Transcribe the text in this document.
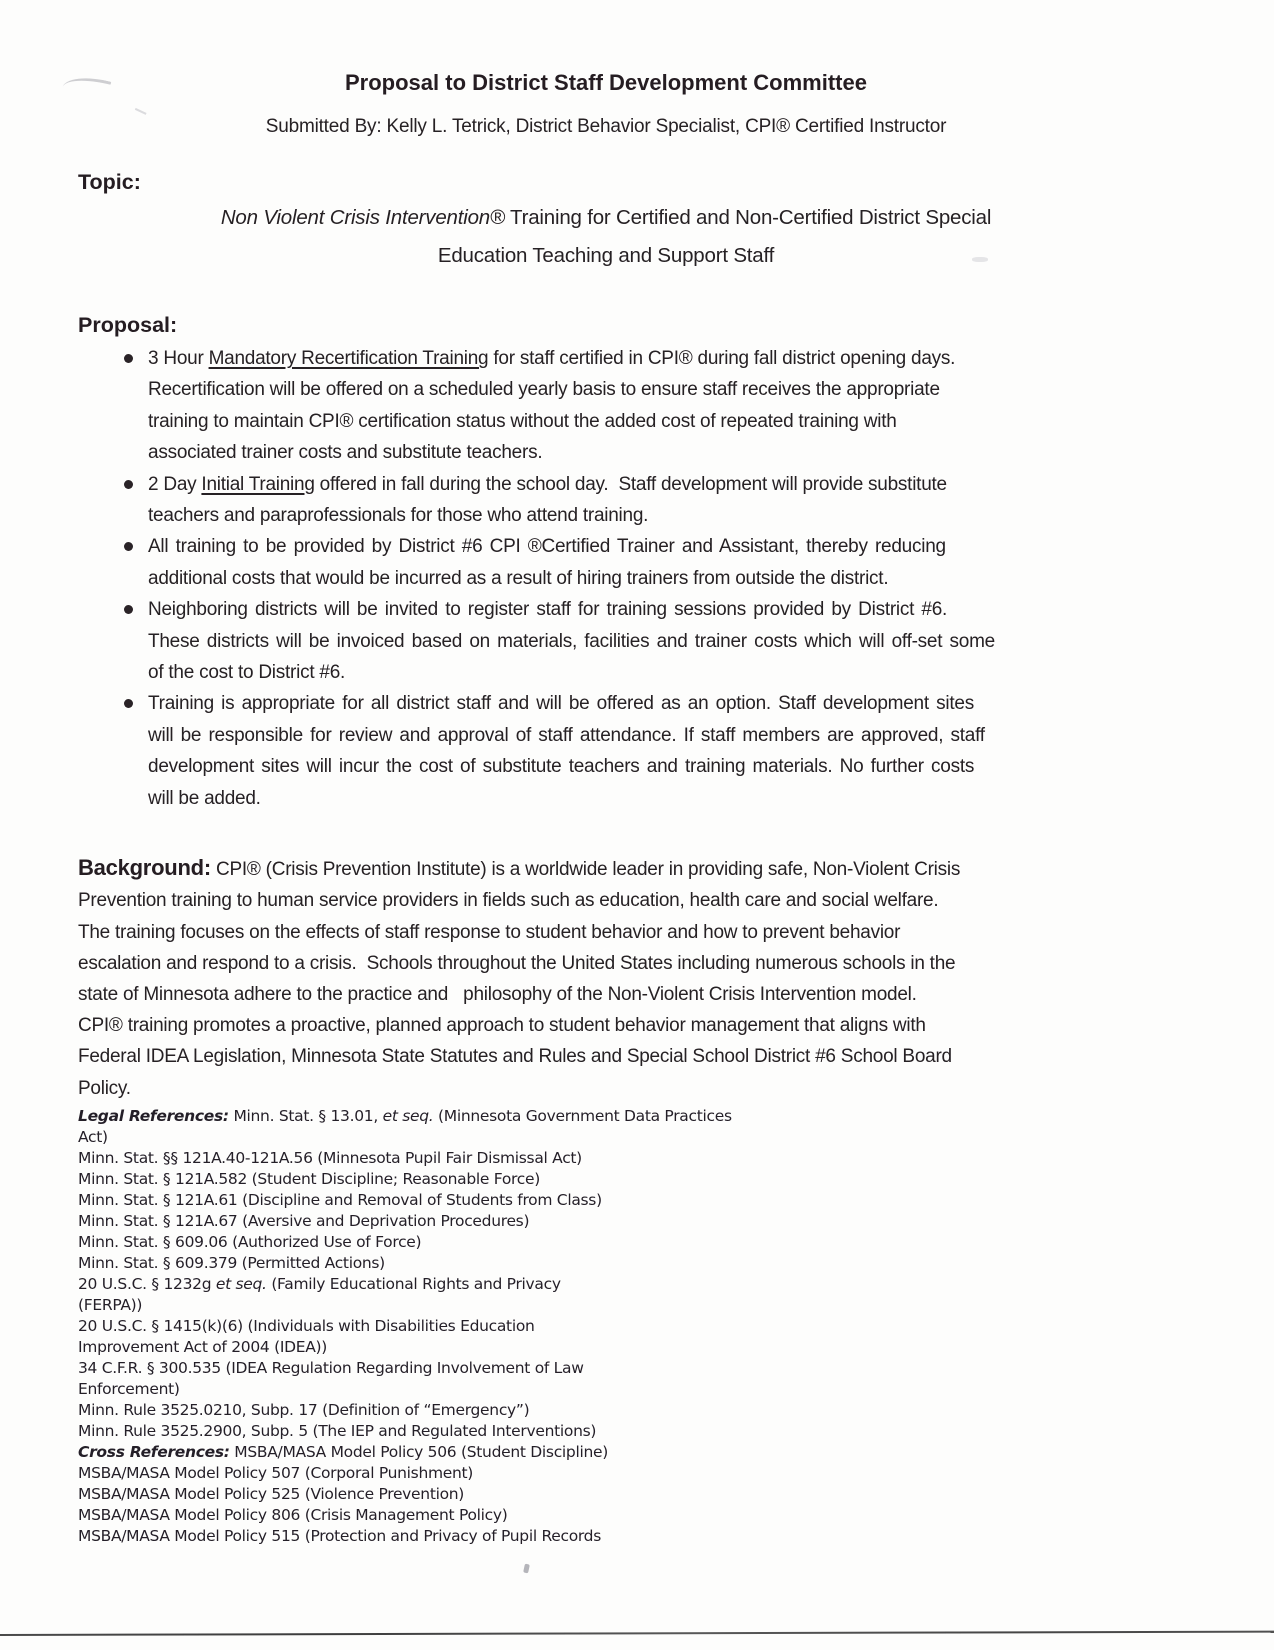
Proposal to District Staff Development Committee
Submitted By: Kelly L. Tetrick, District Behavior Specialist, CPI® Certified Instructor
Topic:
Non Violent Crisis Intervention® Training for Certified and Non-Certified District Special
Education Teaching and Support Staff
Proposal:
3 Hour Mandatory Recertification Training for staff certified in CPI® during fall district opening days.
Recertification will be offered on a scheduled yearly basis to ensure staff receives the appropriate
training to maintain CPI® certification status without the added cost of repeated training with
associated trainer costs and substitute teachers.
2 Day Initial Training offered in fall during the school day.  Staff development will provide substitute
teachers and paraprofessionals for those who attend training.
All training to be provided by District #6 CPI ®Certified Trainer and Assistant, thereby reducing
additional costs that would be incurred as a result of hiring trainers from outside the district.
Neighboring districts will be invited to register staff for training sessions provided by District #6.
These districts will be invoiced based on materials, facilities and trainer costs which will off-set some
of the cost to District #6.
Training is appropriate for all district staff and will be offered as an option. Staff development sites
will be responsible for review and approval of staff attendance. If staff members are approved, staff
development sites will incur the cost of substitute teachers and training materials. No further costs
will be added.
Background: CPI® (Crisis Prevention Institute) is a worldwide leader in providing safe, Non-Violent Crisis
Prevention training to human service providers in fields such as education, health care and social welfare.
The training focuses on the effects of staff response to student behavior and how to prevent behavior
escalation and respond to a crisis.  Schools throughout the United States including numerous schools in the
state of Minnesota adhere to the practice and   philosophy of the Non-Violent Crisis Intervention model.
CPI® training promotes a proactive, planned approach to student behavior management that aligns with
Federal IDEA Legislation, Minnesota State Statutes and Rules and Special School District #6 School Board
Policy.
Legal References: Minn. Stat. § 13.01, et seq. (Minnesota Government Data Practices
Act)
Minn. Stat. §§ 121A.40-121A.56 (Minnesota Pupil Fair Dismissal Act)
Minn. Stat. § 121A.582 (Student Discipline; Reasonable Force)
Minn. Stat. § 121A.61 (Discipline and Removal of Students from Class)
Minn. Stat. § 121A.67 (Aversive and Deprivation Procedures)
Minn. Stat. § 609.06 (Authorized Use of Force)
Minn. Stat. § 609.379 (Permitted Actions)
20 U.S.C. § 1232g et seq. (Family Educational Rights and Privacy
(FERPA))
20 U.S.C. § 1415(k)(6) (Individuals with Disabilities Education
Improvement Act of 2004 (IDEA))
34 C.F.R. § 300.535 (IDEA Regulation Regarding Involvement of Law
Enforcement)
Minn. Rule 3525.0210, Subp. 17 (Definition of “Emergency”)
Minn. Rule 3525.2900, Subp. 5 (The IEP and Regulated Interventions)
Cross References: MSBA/MASA Model Policy 506 (Student Discipline)
MSBA/MASA Model Policy 507 (Corporal Punishment)
MSBA/MASA Model Policy 525 (Violence Prevention)
MSBA/MASA Model Policy 806 (Crisis Management Policy)
MSBA/MASA Model Policy 515 (Protection and Privacy of Pupil Records
